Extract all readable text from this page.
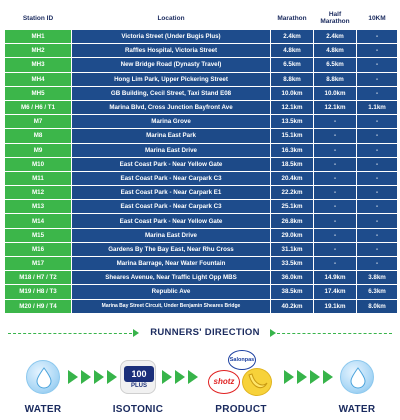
Station ID	Location	Marathon	Half Marathon	10KM
MH1	Victoria Street (Under Bugis Plus)	2.4km	2.4km	-
MH2	Raffles Hospital, Victoria Street	4.8km	4.8km	-
MH3	New Bridge Road (Dynasty Travel)	6.5km	6.5km	-
MH4	Hong Lim Park, Upper Pickering Street	8.8km	8.8km	-
MH5	GB Building, Cecil Street, Taxi Stand E08	10.0km	10.0km	-
M6 / H6 / T1	Marina Blvd, Cross Junction Bayfront Ave	12.1km	12.1km	1.1km
M7	Marina Grove	13.5km	-	-
M8	Marina East Park	15.1km	-	-
M9	Marina East Drive	16.3km	-	-
M10	East Coast Park - Near Yellow Gate	18.5km	-	-
M11	East Coast Park - Near Carpark C3	20.4km	-	-
M12	East Coast Park - Near Carpark E1	22.2km	-	-
M13	East Coast Park - Near Carpark C3	25.1km	-	-
M14	East Coast Park - Near Yellow Gate	26.8km	-	-
M15	Marina East Drive	29.0km	-	-
M16	Gardens By The Bay East, Near Rhu Cross	31.1km	-	-
M17	Marina Barrage, Near Water Fountain	33.5km	-	-
M18 / H7 / T2	Sheares Avenue, Near Traffic Light Opp MBS	36.0km	14.9km	3.8km
M19 / H8 / T3	Republic Ave	38.5km	17.4km	6.3km
M20 / H9 / T4	Marina Bay Street Circuit, Under Benjamin Sheares Bridge	40.2km	19.1km	8.0km
RUNNERS' DIRECTION
WATER
100
PLUS
ISOTONIC
Salonpas
shotz
PRODUCT	WATER
